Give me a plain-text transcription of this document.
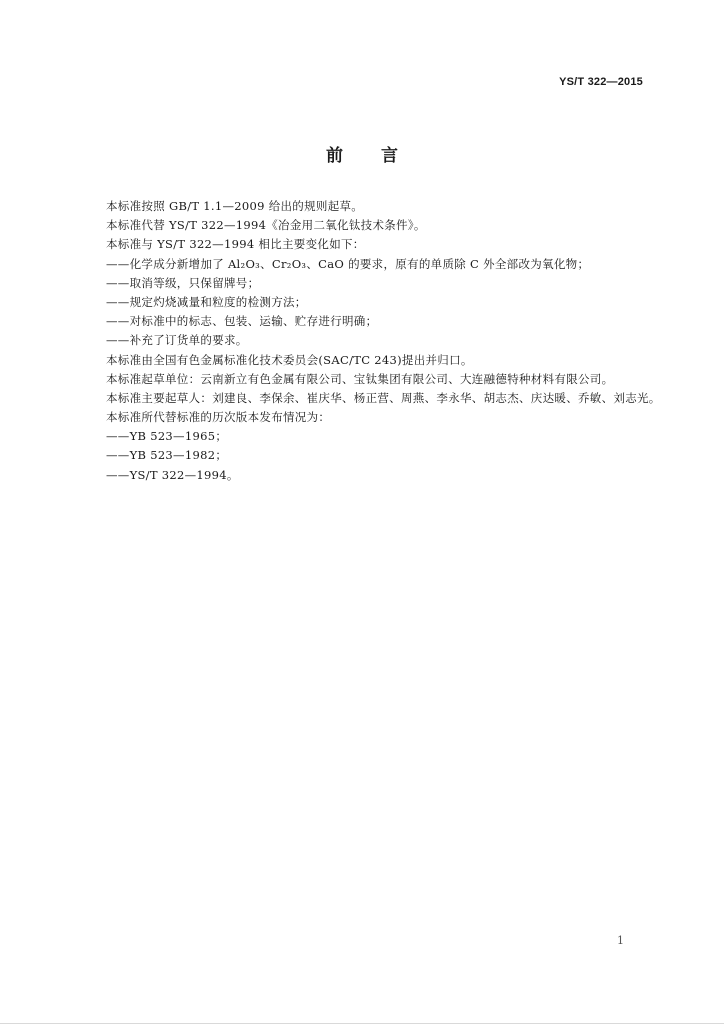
YS/T 322—2015
前言
本标准按照 GB/T 1.1—2009 给出的规则起草。
本标准代替 YS/T 322—1994《冶金用二氧化钛技术条件》。
本标准与 YS/T 322—1994 相比主要变化如下：
——化学成分新增加了 Al₂O₃、Cr₂O₃、CaO 的要求，原有的单质除 C 外全部改为氧化物；
——取消等级，只保留牌号；
——规定灼烧减量和粒度的检测方法；
——对标准中的标志、包装、运输、贮存进行明确；
——补充了订货单的要求。
本标准由全国有色金属标准化技术委员会(SAC/TC 243)提出并归口。
本标准起草单位：云南新立有色金属有限公司、宝钛集团有限公司、大连融德特种材料有限公司。
本标准主要起草人：刘建良、李保余、崔庆华、杨正营、周燕、李永华、胡志杰、庆达暖、乔敏、刘志光。
本标准所代替标准的历次版本发布情况为：
——YB 523—1965；
——YB 523—1982；
——YS/T 322—1994。
1
